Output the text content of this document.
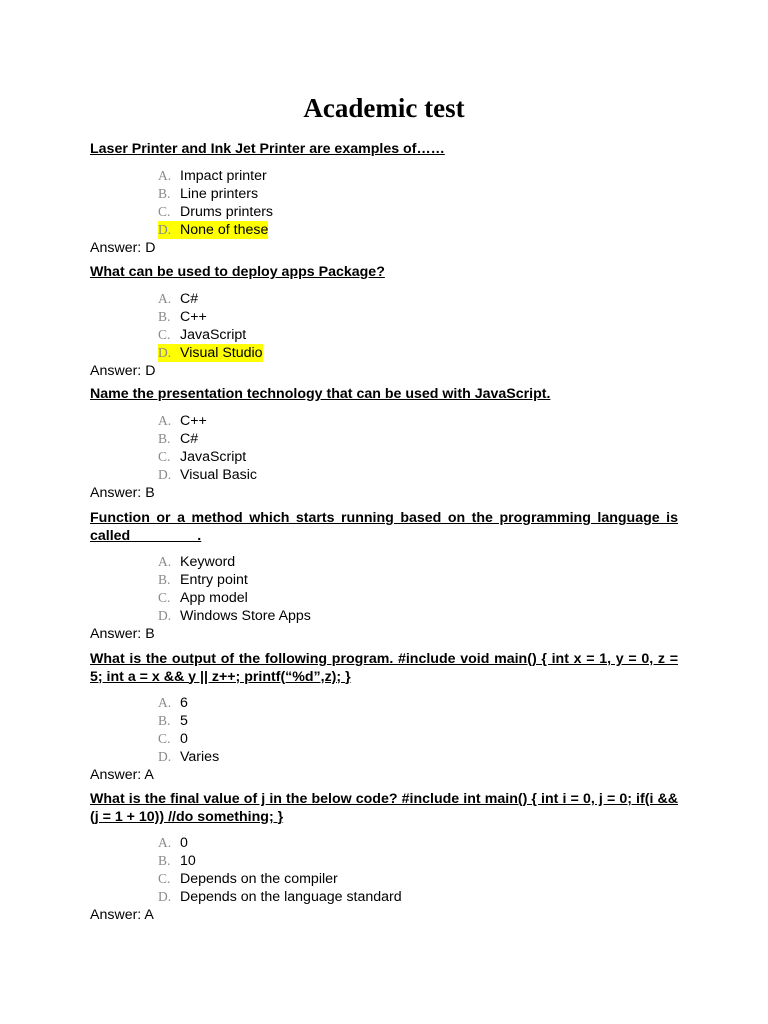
Academic test

Laser Printer and Ink Jet Printer are examples of……

A. Impact printer
B. Line printers
C. Drums printers
D. None of these

Answer: D

What can be used to deploy apps Package?

A. C#
B. C++
C. JavaScript
D. Visual Studio

Answer: D

Name the presentation technology that can be used with JavaScript.

A. C++
B. C#
C. JavaScript
D. Visual Basic

Answer: B

Function or a method which starts running based on the programming language is called ________.

A. Keyword
B. Entry point
C. App model
D. Windows Store Apps

Answer: B

What is the output of the following program. #include void main() { int x = 1, y = 0, z = 5; int a = x && y || z++; printf(“%d”,z); }

A. 6
B. 5
C. 0
D. Varies

Answer: A

What is the final value of j in the below code? #include int main() { int i = 0, j = 0; if(i && (j = 1 + 10)) //do something; }

A. 0
B. 10
C. Depends on the compiler
D. Depends on the language standard

Answer: A
